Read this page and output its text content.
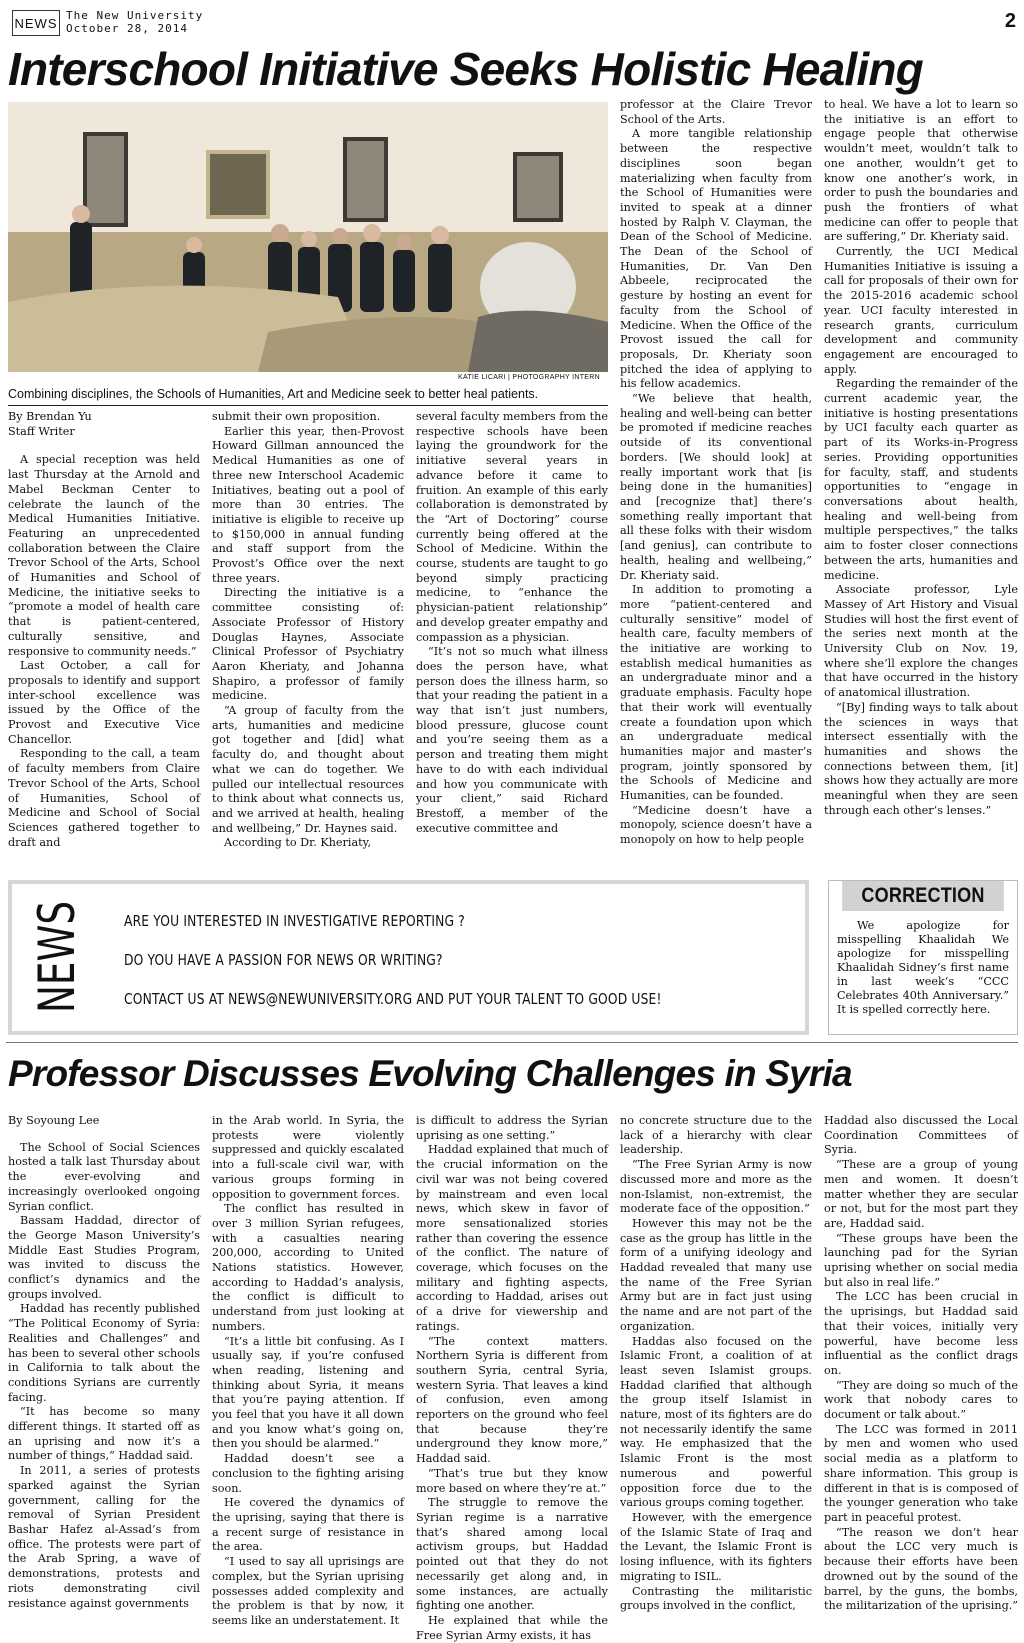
NEWS The New University
October 28, 2014	2
Interschool Initiative Seeks Holistic Healing
KATIE LICARI | PHOTOGRAPHY INTERN
Combining disciplines, the Schools of Humanities, Art and Medicine seek to better heal patients.

By Brendan Yu

Staff Writer

A special reception was held last Thursday at the Arnold and Mabel Beckman Center to celebrate the launch of the Medical Humanities Initiative. Featuring an unprecedented collaboration between the Claire Trevor School of the Arts, School of Humanities and School of Medicine, the initiative seeks to “promote a model of health care that is patient-centered, culturally sensitive, and responsive to community needs.”

Last October, a call for proposals to identify and support inter-school excellence was issued by the Office of the Provost and Executive Vice Chancellor.

Responding to the call, a team of faculty members from Claire Trevor School of the Arts, School of Humanities, School of Medicine and School of Social Sciences gathered together to draft and

submit their own proposition.

Earlier this year, then-Provost Howard Gillman announced the Medical Humanities as one of three new Interschool Academic Initiatives, beating out a pool of more than 30 entries. The initiative is eligible to receive up to $150,000 in annual funding and staff support from the Provost’s Office over the next three years.

Directing the initiative is a committee consisting of: Associate Professor of History Douglas Haynes, Associate Clinical Professor of Psychiatry Aaron Kheriaty, and Johanna Shapiro, a professor of family medicine.

“A group of faculty from the arts, humanities and medicine got together and [did] what faculty do, and thought about what we can do together. We pulled our intellectual resources to think about what connects us, and we arrived at health, healing and wellbeing,” Dr. Haynes said.

According to Dr. Kheriaty,

several faculty members from the respective schools have been laying the groundwork for the initiative several years in advance before it came to fruition. An example of this early collaboration is demonstrated by the “Art of Doctoring” course currently being offered at the School of Medicine. Within the course, students are taught to go beyond simply practicing medicine, to “enhance the physician-patient relationship” and develop greater empathy and compassion as a physician.

“It’s not so much what illness does the person have, what person does the illness harm, so that your reading the patient in a way that isn’t just numbers, blood pressure, glucose count and you’re seeing them as a person and treating them might have to do with each individual and how you communicate with your client,” said Richard Brestoff, a member of the executive committee and

professor at the Claire Trevor School of the Arts.

A more tangible relationship between the respective disciplines soon began materializing when faculty from the School of Humanities were invited to speak at a dinner hosted by Ralph V. Clayman, the Dean of the School of Medicine. The Dean of the School of Humanities, Dr. Van Den Abbeele, reciprocated the gesture by hosting an event for faculty from the School of Medicine. When the Office of the Provost issued the call for proposals, Dr. Kheriaty soon pitched the idea of applying to his fellow academics.

“We believe that health, healing and well-being can better be promoted if medicine reaches outside of its conventional borders. [We should look] at really important work that [is being done in the humanities] and [recognize that] there’s something really important that all these folks with their wisdom [and genius], can contribute to health, healing and wellbeing,” Dr. Kheriaty said.

In addition to promoting a more “patient-centered and culturally sensitive” model of health care, faculty members of the initiative are working to establish medical humanities as an undergraduate minor and a graduate emphasis. Faculty hope that their work will eventually create a foundation upon which an undergraduate medical humanities major and master’s program, jointly sponsored by the Schools of Medicine and Humanities, can be founded.

“Medicine doesn’t have a monopoly, science doesn’t have a monopoly on how to help people

to heal. We have a lot to learn so the initiative is an effort to engage people that otherwise wouldn’t meet, wouldn’t talk to one another, wouldn’t get to know one another’s work, in order to push the boundaries and push the frontiers of what medicine can offer to people that are suffering,” Dr. Kheriaty said.

Currently, the UCI Medical Humanities Initiative is issuing a call for proposals of their own for the 2015-2016 academic school year. UCI faculty interested in research grants, curriculum development and community engagement are encouraged to apply.

Regarding the remainder of the current academic year, the initiative is hosting presentations by UCI faculty each quarter as part of its Works-in-Progress series. Providing opportunities for faculty, staff, and students opportunities to “engage in conversations about health, healing and well-being from multiple perspectives,” the talks aim to foster closer connections between the arts, humanities and medicine.

Associate professor, Lyle Massey of Art History and Visual Studies will host the first event of the series next month at the University Club on Nov. 19, where she’ll explore the changes that have occurred in the history of anatomical illustration.

“[By] finding ways to talk about the sciences in ways that intersect essentially with the humanities and shows the connections between them, [it] shows how they actually are more meaningful when they are seen through each other’s lenses.”

NEWS	ARE YOU INTERESTED IN INVESTIGATIVE REPORTING ?
DO YOU HAVE A PASSION FOR NEWS OR WRITING?
CONTACT US AT NEWS@NEWUNIVERSITY.ORG AND PUT YOUR TALENT TO GOOD USE!
CORRECTION

We apologize for misspelling Khaalidah We apologize for misspelling Khaalidah Sidney’s first name in last week’s “CCC Celebrates 40th Anniversary.” It is spelled correctly here.

Professor Discusses Evolving Challenges in Syria

By Soyoung Lee

The School of Social Sciences hosted a talk last Thursday about the ever-evolving and increasingly overlooked ongoing Syrian conflict.

Bassam Haddad, director of the George Mason University’s Middle East Studies Program, was invited to discuss the conflict’s dynamics and the groups involved.

Haddad has recently published “The Political Economy of Syria: Realities and Challenges” and has been to several other schools in California to talk about the conditions Syrians are currently facing.

“It has become so many different things. It started off as an uprising and now it’s a number of things,” Haddad said.

In 2011, a series of protests sparked against the Syrian government, calling for the removal of Syrian President Bashar Hafez al-Assad’s from office. The protests were part of the Arab Spring, a wave of demonstrations, protests and riots demonstrating civil resistance against governments

in the Arab world. In Syria, the protests were violently suppressed and quickly escalated into a full-scale civil war, with various groups forming in opposition to government forces.

The conflict has resulted in over 3 million Syrian refugees, with a casualties nearing 200,000, according to United Nations statistics. However, according to Haddad’s analysis, the conflict is difficult to understand from just looking at numbers.

“It’s a little bit confusing. As I usually say, if you’re confused when reading, listening and thinking about Syria, it means that you’re paying attention. If you feel that you have it all down and you know what’s going on, then you should be alarmed.”

Haddad doesn’t see a conclusion to the fighting arising soon.

He covered the dynamics of the uprising, saying that there is a recent surge of resistance in the area.

“I used to say all uprisings are complex, but the Syrian uprising possesses added complexity and the problem is that by now, it seems like an understatement. It

is difficult to address the Syrian uprising as one setting.”

Haddad explained that much of the crucial information on the civil war was not being covered by mainstream and even local news, which skew in favor of more sensationalized stories rather than covering the essence of the conflict. The nature of coverage, which focuses on the military and fighting aspects, according to Haddad, arises out of a drive for viewership and ratings.

“The context matters. Northern Syria is different from southern Syria, central Syria, western Syria. That leaves a kind of confusion, even among reporters on the ground who feel that because they’re underground they know more,” Haddad said.

“That’s true but they know more based on where they’re at.”

The struggle to remove the Syrian regime is a narrative that’s shared among local activism groups, but Haddad pointed out that they do not necessarily get along and, in some instances, are actually fighting one another.

He explained that while the Free Syrian Army exists, it has

no concrete structure due to the lack of a hierarchy with clear leadership.

“The Free Syrian Army is now discussed more and more as the non-Islamist, non-extremist, the moderate face of the opposition.”

However this may not be the case as the group has little in the form of a unifying ideology and Haddad revealed that many use the name of the Free Syrian Army but are in fact just using the name and are not part of the organization.

Haddas also focused on the Islamic Front, a coalition of at least seven Islamist groups. Haddad clarified that although the group itself Islamist in nature, most of its fighters are do not necessarily identify the same way. He emphasized that the Islamic Front is the most numerous and powerful opposition force due to the various groups coming together.

However, with the emergence of the Islamic State of Iraq and the Levant, the Islamic Front is losing influence, with its fighters migrating to ISIL.

Contrasting the militaristic groups involved in the conflict,

Haddad also discussed the Local Coordination Committees of Syria.

“These are a group of young men and women. It doesn’t matter whether they are secular or not, but for the most part they are, Haddad said.

“These groups have been the launching pad for the Syrian uprising whether on social media but also in real life.”

The LCC has been crucial in the uprisings, but Haddad said that their voices, initially very powerful, have become less influential as the conflict drags on.

“They are doing so much of the work that nobody cares to document or talk about.”

The LCC was formed in 2011 by men and women who used social media as a platform to share information. This group is different in that is is composed of the younger generation who take part in peaceful protest.

“The reason we don’t hear about the LCC very much is because their efforts have been drowned out by the sound of the barrel, by the guns, the bombs, the militarization of the uprising.”
